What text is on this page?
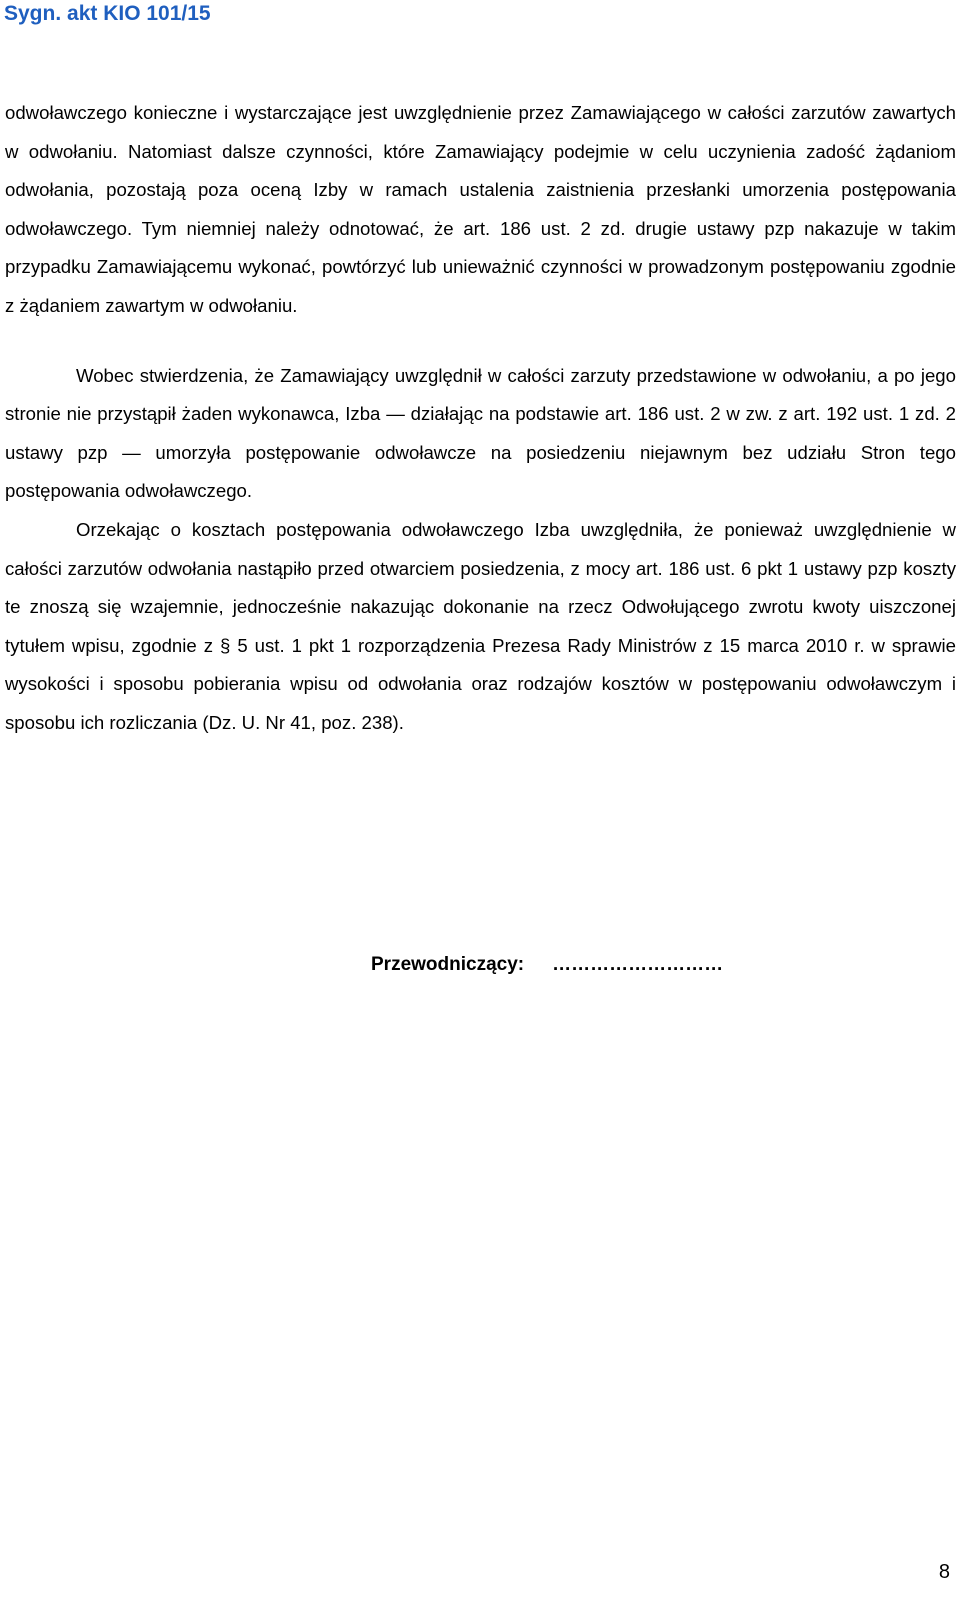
Sygn. akt KIO 101/15

odwoławczego konieczne i wystarczające jest uwzględnienie przez Zamawiającego w całości zarzutów zawartych w odwołaniu. Natomiast dalsze czynności, które Zamawiający podejmie w celu uczynienia zadość żądaniom odwołania, pozostają poza oceną Izby w ramach ustalenia zaistnienia przesłanki umorzenia postępowania odwoławczego. Tym niemniej należy odnotować, że art. 186 ust. 2 zd. drugie ustawy pzp nakazuje w takim przypadku Zamawiającemu wykonać, powtórzyć lub unieważnić czynności w prowadzonym postępowaniu zgodnie z żądaniem zawartym w odwołaniu.

Wobec stwierdzenia, że Zamawiający uwzględnił w całości zarzuty przedstawione w odwołaniu, a po jego stronie nie przystąpił żaden wykonawca, Izba — działając na podstawie art. 186 ust. 2 w zw. z art. 192 ust. 1 zd. 2 ustawy pzp — umorzyła postępowanie odwoławcze na posiedzeniu niejawnym bez udziału Stron tego postępowania odwoławczego.

Orzekając o kosztach postępowania odwoławczego Izba uwzględniła, że ponieważ uwzględnienie w całości zarzutów odwołania nastąpiło przed otwarciem posiedzenia, z mocy art. 186 ust. 6 pkt 1 ustawy pzp koszty te znoszą się wzajemnie, jednocześnie nakazując dokonanie na rzecz Odwołującego zwrotu kwoty uiszczonej tytułem wpisu, zgodnie z § 5 ust. 1 pkt 1 rozporządzenia Prezesa Rady Ministrów z 15 marca 2010 r. w sprawie wysokości i sposobu pobierania wpisu od odwołania oraz rodzajów kosztów w postępowaniu odwoławczym i sposobu ich rozliczania (Dz. U. Nr 41, poz. 238).

Przewodniczący: ………………………

8
